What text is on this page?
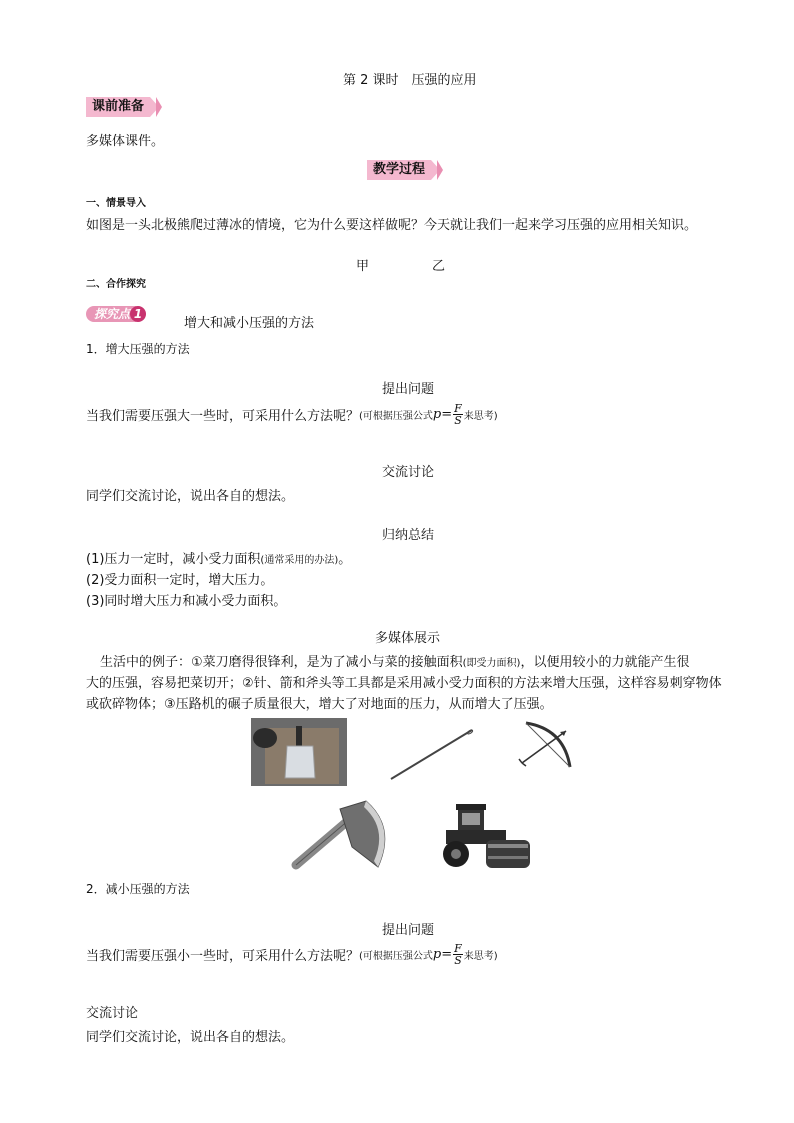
第 2 课时　压强的应用
课前准备
多媒体课件。
教学过程
一、情景导入
如图是一头北极熊爬过薄冰的情境，它为什么要这样做呢？今天就让我们一起来学习压强的应用相关知识。
甲	乙
二、合作探究
探究点 1
增大和减小压强的方法
1．增大压强的方法
提出问题
当我们需要压强大一些时，可采用什么方法呢？ (可根据压强公式 $p = \frac{F}{S}$ 来思考)
交流讨论
同学们交流讨论，说出各自的想法。
归纳总结
(1)压力一定时，减小受力面积(通常采用的办法)。
(2)受力面积一定时，增大压力。
(3)同时增大压力和减小受力面积。
多媒体展示
生活中的例子：①菜刀磨得很锋利，是为了减小与菜的接触面积(即受力面积)，以便用较小的力就能产生很
大的压强，容易把菜切开；②针、箭和斧头等工具都是采用减小受力面积的方法来增大压强，这样容易刺穿物体
或砍碎物体；③压路机的碾子质量很大，增大了对地面的压力，从而增大了压强。
2．减小压强的方法
提出问题
当我们需要压强小一些时，可采用什么方法呢？ (可根据压强公式 $p = \frac{F}{S}$ 来思考)
交流讨论
同学们交流讨论，说出各自的想法。
